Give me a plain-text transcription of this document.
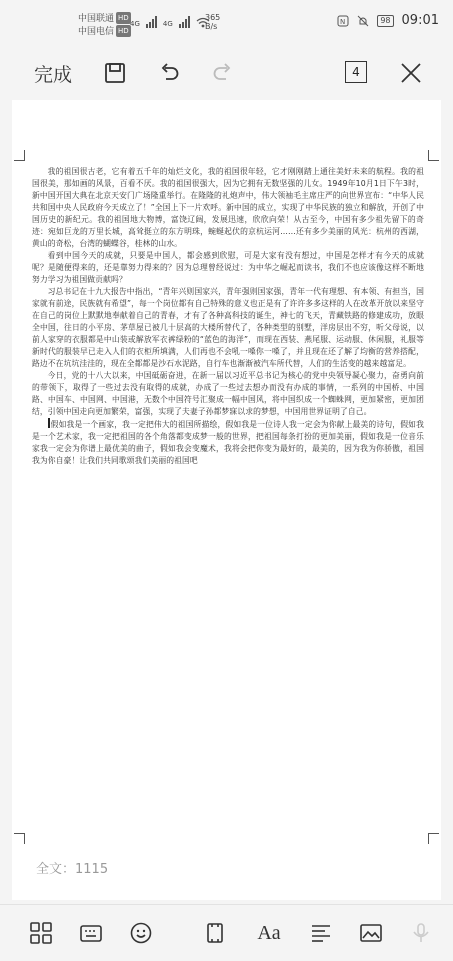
中国联通 HD
中国电信 HD
4G	4G
365
B/s
N	98 09:01
完成	4

我的祖国很古老，它有着五千年的灿烂文化，我的祖国很年轻，它才刚刚踏上通往美好未来的航程。我的祖国很美，那如画的风景，百看不厌。我的祖国很强大，因为它拥有无数坚强的儿女。1949年10月1日下午3时，新中国开国大典在北京天安门广场隆重举行。在隆隆的礼炮声中，伟大领袖毛主席庄严的向世界宣布：“中华人民共和国中央人民政府今天成立了！”全国上下一片欢呼。新中国的成立，实现了中华民族的独立和解放，开创了中国历史的新纪元。我的祖国地大物博，富饶辽阔，发展迅速，欣欣向荣！从古至今，中国有多少祖先留下的奇迹：宛如巨龙的万里长城，高耸挺立的东方明珠，蜿蜒起伏的京杭运河……还有多少美丽的风光：杭州的西湖，黄山的奇松，台湾的蝴蝶谷，桂林的山水。

看到中国今天的成就，只要是中国人，都会感到欣慰，可是大家有没有想过，中国是怎样才有今天的成就呢？是随便得来的，还是靠努力得来的？因为总理曾经说过：为中华之崛起而读书，我们不也应该像这样不断地努力学习为祖国做贡献吗？

习总书记在十九大报告中指出，“青年兴则国家兴，青年强则国家强，青年一代有理想、有本领、有担当，国家就有前途，民族就有希望”，每一个岗位都有自己特殊的意义也正是有了许许多多这样的人在改革开放以来坚守在自己的岗位上默默地奉献着自己的青春，才有了各种高科技的诞生，神七的飞天，青藏铁路的修建成功，放眼全中国，往日的小平房、茅草屋已被几十层高的大楼所替代了，各种类型的别墅，洋房层出不穷，听父母说，以前人家穿的衣服都是中山装或解放军衣裤绿粉的“蓝色的海洋”，而现在西装、燕尾服、运动服、休闲服，礼服等新时代的服装早已走入人们的衣柜所填满，人们再也不会吼一嗓你一嗓了，并且现在还了解了均衡的营养搭配，路边不在坑坑洼洼的，现在全都都是沙石水泥路，自行车也渐渐被汽车所代替，人们的生活变的越来越富足。

今日，党的十八大以来，中国砥砺奋进，在新一届以习近平总书记为核心的党中央领导凝心聚力，奋勇向前的带领下，取得了一些过去没有取得的成就，办成了一些过去想办而没有办成的事情，一系列的中国桥、中国路、中国车、中国网、中国港，无数个中国符号汇聚成一幅中国风，将中国织成一个蜘蛛网，更加紧密，更加团结，引领中国走向更加繁荣，富强，实现了夫妻子孙都梦寐以求的梦想，中国用世界证明了自己。

假如我是一个画家，我一定把伟大的祖国所描绘，假如我是一位诗人我一定会为你献上最美的诗句，假如我是一个艺术家，我一定把祖国的各个角落都变成梦一般的世界，把祖国每条打扮的更加美丽，假如我是一位音乐家我一定会为你谱上最优美的曲子，假如我会变魔术，我将会把你变为最好的，最美的，因为我为你骄傲，祖国我为你自豪！让我们共同歌颂我们美丽的祖国吧

全文：1115
Aa
